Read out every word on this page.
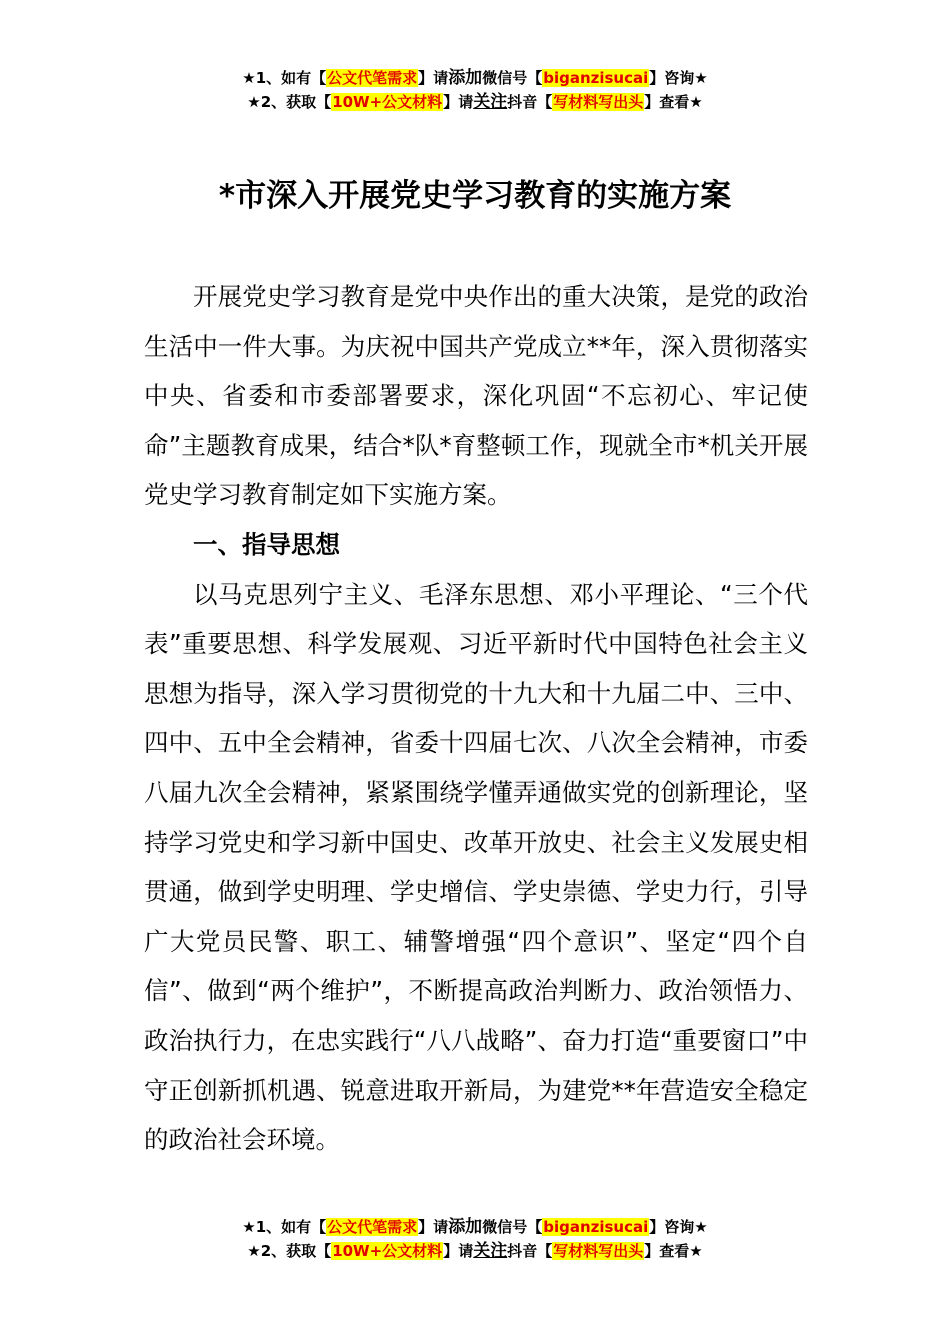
★1、如有【公文代笔需求】请添加微信号【biganzisucai】咨询★
★2、获取【10W+公文材料】请关注抖音【写材料写出头】查看★
*市深入开展党史学习教育的实施方案

开展党史学习教育是党中央作出的重大决策，是党的政治生活中一件大事。为庆祝中国共产党成立**年，深入贯彻落实中央、省委和市委部署要求，深化巩固“不忘初心、牢记使命”主题教育成果，结合*队*育整顿工作，现就全市*机关开展党史学习教育制定如下实施方案。

一、指导思想

以马克思列宁主义、毛泽东思想、邓小平理论、“三个代表”重要思想、科学发展观、习近平新时代中国特色社会主义思想为指导，深入学习贯彻党的十九大和十九届二中、三中、四中、五中全会精神，省委十四届七次、八次全会精神，市委八届九次全会精神，紧紧围绕学懂弄通做实党的创新理论，坚持学习党史和学习新中国史、改革开放史、社会主义发展史相贯通，做到学史明理、学史增信、学史崇德、学史力行，引导广大党员民警、职工、辅警增强“四个意识”、坚定“四个自信”、做到“两个维护”，不断提高政治判断力、政治领悟力、政治执行力，在忠实践行“八八战略”、奋力打造“重要窗口”中守正创新抓机遇、锐意进取开新局，为建党**年营造安全稳定的政治社会环境。

★1、如有【公文代笔需求】请添加微信号【biganzisucai】咨询★
★2、获取【10W+公文材料】请关注抖音【写材料写出头】查看★
